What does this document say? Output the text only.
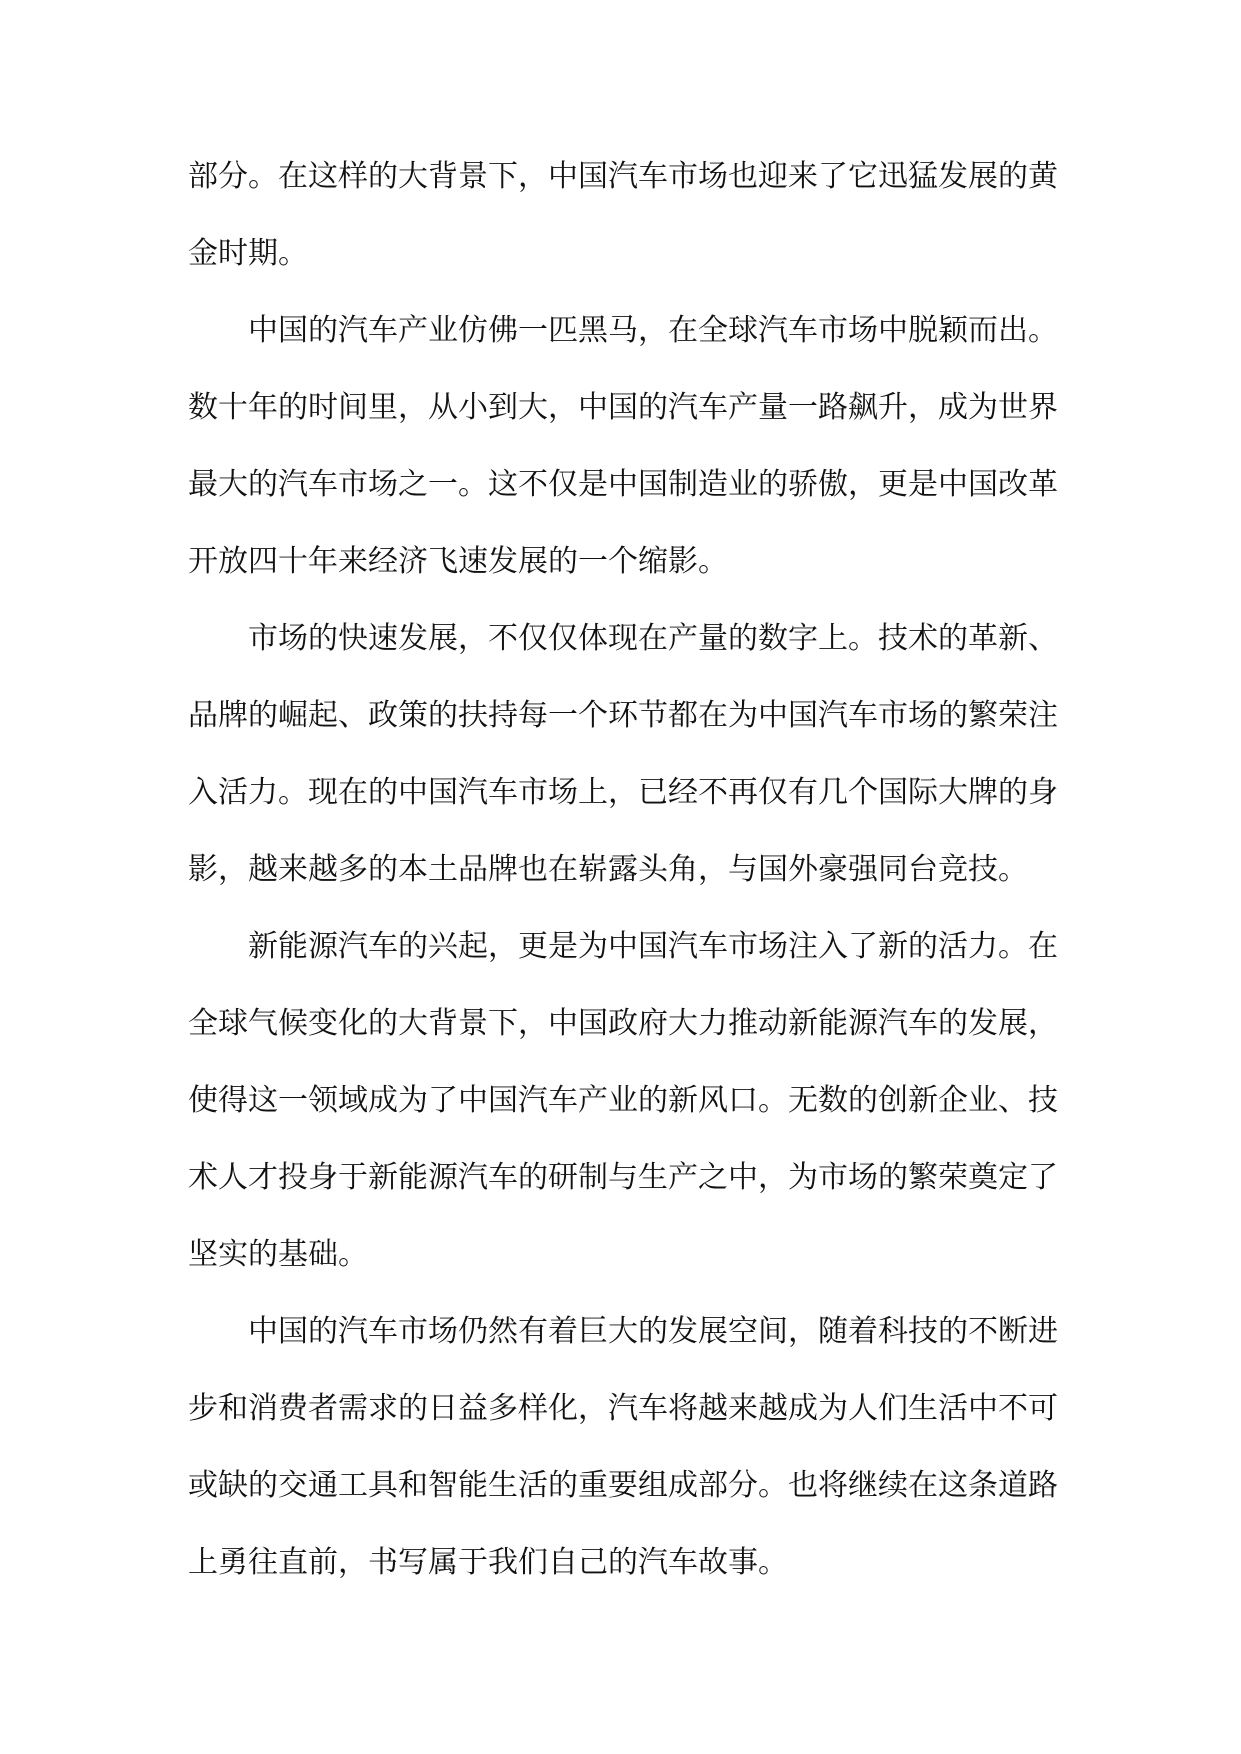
部分。在这样的大背景下，中国汽车市场也迎来了它迅猛发展的黄金时期。

中国的汽车产业仿佛一匹黑马，在全球汽车市场中脱颖而出。数十年的时间里，从小到大，中国的汽车产量一路飙升，成为世界最大的汽车市场之一。这不仅是中国制造业的骄傲，更是中国改革开放四十年来经济飞速发展的一个缩影。

市场的快速发展，不仅仅体现在产量的数字上。技术的革新、品牌的崛起、政策的扶持每一个环节都在为中国汽车市场的繁荣注入活力。现在的中国汽车市场上，已经不再仅有几个国际大牌的身影，越来越多的本土品牌也在崭露头角，与国外豪强同台竞技。

新能源汽车的兴起，更是为中国汽车市场注入了新的活力。在全球气候变化的大背景下，中国政府大力推动新能源汽车的发展，使得这一领域成为了中国汽车产业的新风口。无数的创新企业、技术人才投身于新能源汽车的研制与生产之中，为市场的繁荣奠定了坚实的基础。

中国的汽车市场仍然有着巨大的发展空间，随着科技的不断进步和消费者需求的日益多样化，汽车将越来越成为人们生活中不可或缺的交通工具和智能生活的重要组成部分。也将继续在这条道路上勇往直前，书写属于我们自己的汽车故事。
